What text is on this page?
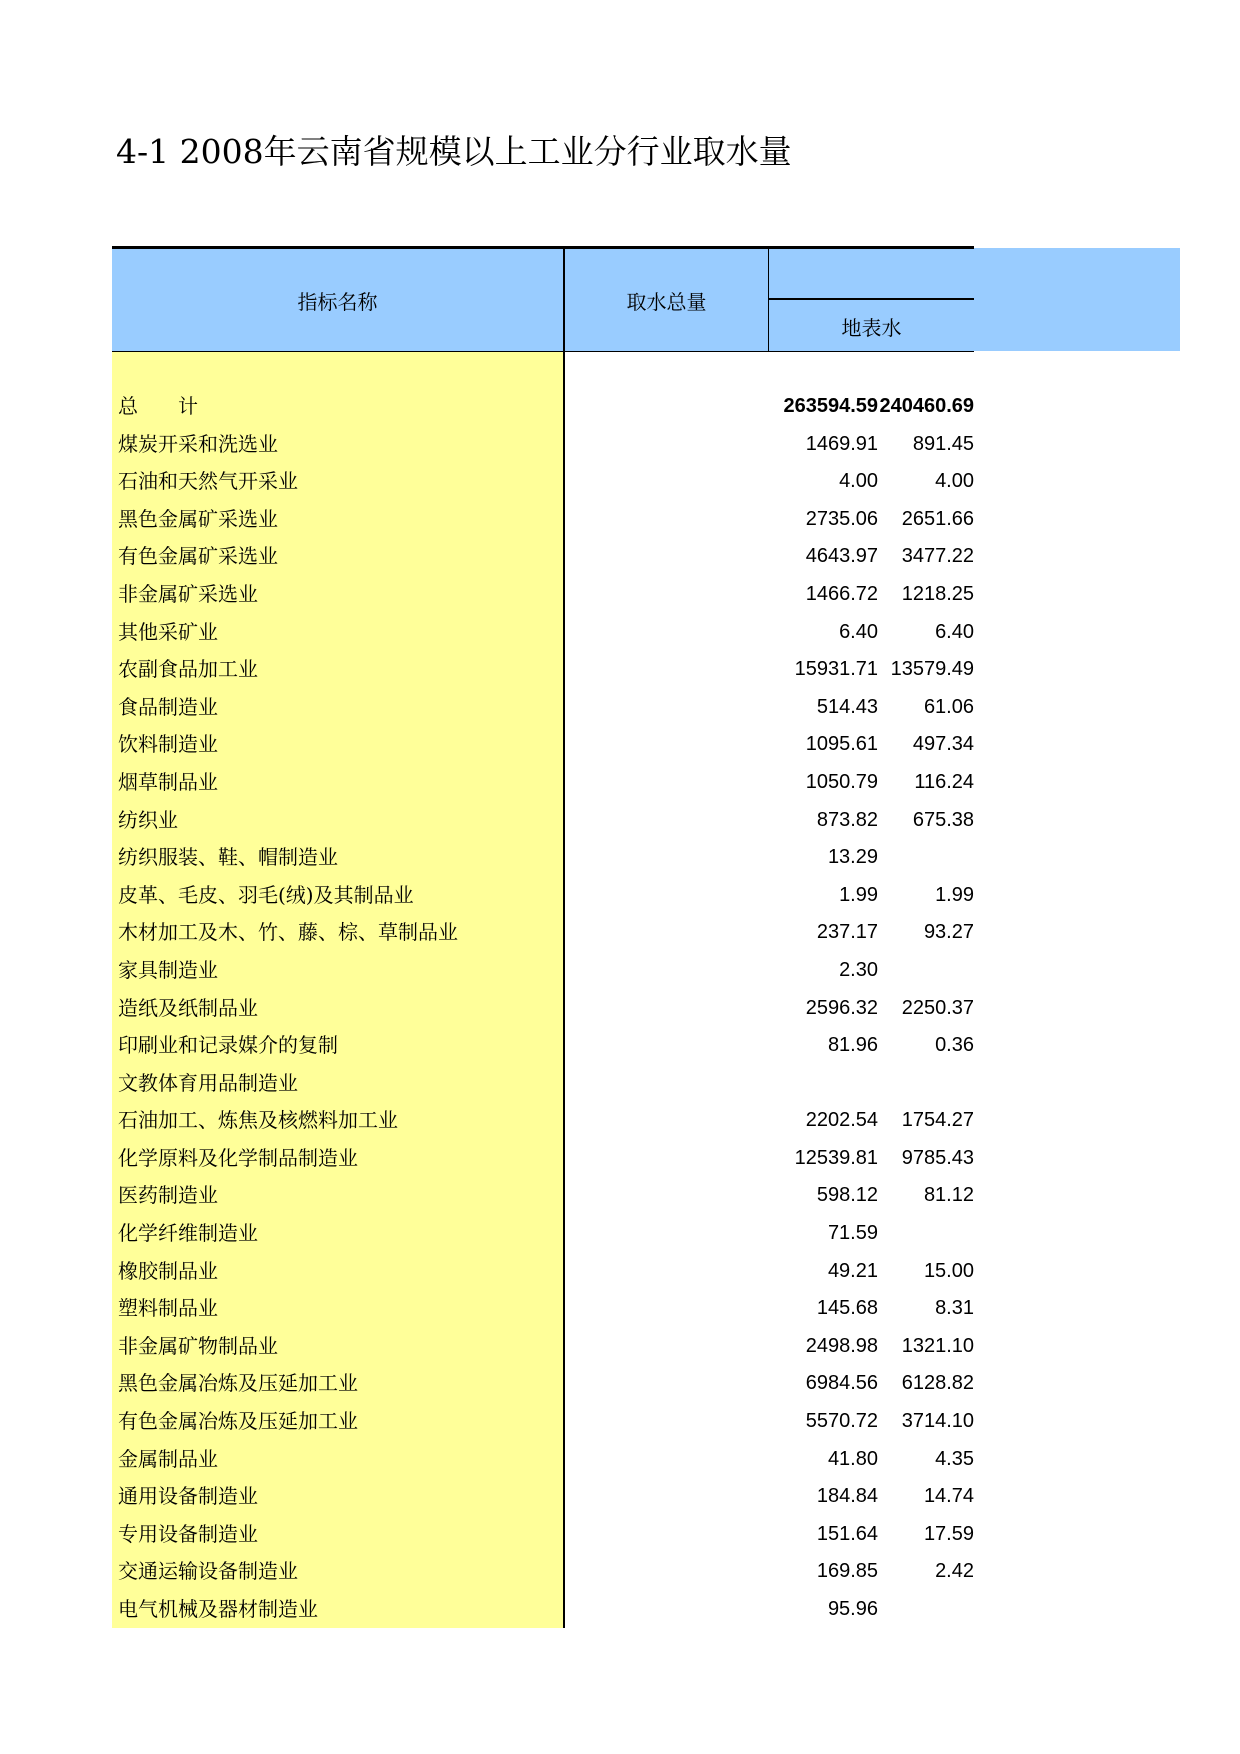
4-1 2008年云南省规模以上工业分行业取水量
指标名称	取水总量
地表水
总　　计	263594.59 240460.69
煤炭开采和洗选业	1469.91	891.45
石油和天然气开采业	4.00	4.00
黑色金属矿采选业	2735.06	2651.66
有色金属矿采选业	4643.97	3477.22
非金属矿采选业	1466.72	1218.25
其他采矿业	6.40	6.40
农副食品加工业	15931.71 13579.49
食品制造业	514.43	61.06
饮料制造业	1095.61	497.34
烟草制品业	1050.79	116.24
纺织业	873.82	675.38
纺织服装、鞋、帽制造业	13.29
皮革、毛皮、羽毛(绒)及其制品业	1.99	1.99
木材加工及木、竹、藤、棕、草制品业	237.17	93.27
家具制造业	2.30
造纸及纸制品业	2596.32	2250.37
印刷业和记录媒介的复制	81.96	0.36
文教体育用品制造业
石油加工、炼焦及核燃料加工业	2202.54	1754.27
化学原料及化学制品制造业	12539.81	9785.43
医药制造业	598.12	81.12
化学纤维制造业	71.59
橡胶制品业	49.21	15.00
塑料制品业	145.68	8.31
非金属矿物制品业	2498.98	1321.10
黑色金属冶炼及压延加工业	6984.56	6128.82
有色金属冶炼及压延加工业	5570.72	3714.10
金属制品业	41.80	4.35
通用设备制造业	184.84	14.74
专用设备制造业	151.64	17.59
交通运输设备制造业	169.85	2.42
电气机械及器材制造业	95.96
